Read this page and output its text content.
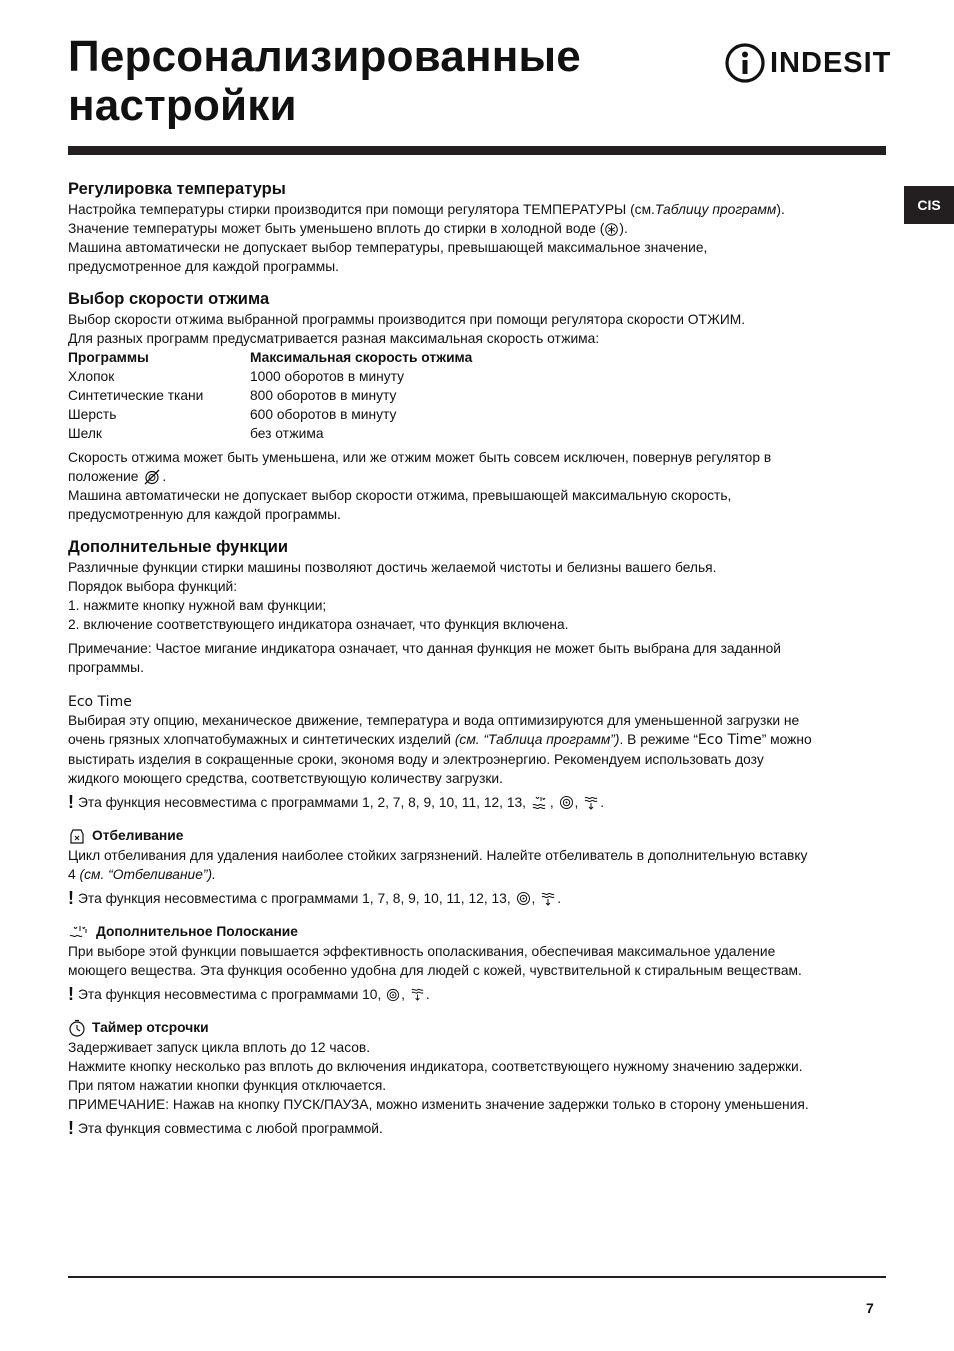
Персонализированные
настройки
INDESIT
CIS
Регулировка температуры

Настройка температуры стирки производится при помощи регулятора ТЕМПЕРАТУРЫ (см.Таблицу программ).

Значение температуры может быть уменьшено вплоть до стирки в холодной воде ( ).

Машина автоматически не допускает выбор температуры, превышающей максимальное значение,

предусмотренное для каждой программы.

Выбор скорости отжима

Выбор скорости отжима выбранной программы производится при помощи регулятора скорости ОТЖИМ.

Для разных программ предусматривается разная максимальная скорость отжима:

Программы	Максимальная скорость отжима
Хлопок	1000 оборотов в минуту
Синтетические ткани	800 оборотов в минуту
Шерсть	600 оборотов в минуту
Шелк	без отжима

Скорость отжима может быть уменьшена, или же отжим может быть совсем исключен, повернув регулятор в

положение .

Машина автоматически не допускает выбор скорости отжима, превышающей максимальную скорость,

предусмотренную для каждой программы.

Дополнительные функции

Различные функции стирки машины позволяют достичь желаемой чистоты и белизны вашего белья.

Порядок выбора функций:

1. нажмите кнопку нужной вам функции;

2. включение соответствующего индикатора означает, что функция включена.

Примечание: Частое мигание индикатора означает, что данная функция не может быть выбрана для заданной

программы.

Eco Time

Выбирая эту опцию, механическое движение, температура и вода оптимизируются для уменьшенной загрузки не

очень грязных хлопчатобумажных и синтетических изделий (см. “Таблица программ”). В режиме “Eco Time” можно

выстирать изделия в сокращенные сроки, экономя воду и электроэнергию. Рекомендуем использовать дозу

жидкого моющего средства, соответствующую количеству загрузки.

! Эта функция несовместима с программами 1, 2, 7, 8, 9, 10, 11, 12, 13,
,
,
.
Отбеливание

Цикл отбеливания для удаления наиболее стойких загрязнений. Налейте отбеливатель в дополнительную вставку

4 (см. “Отбеливание”).

! Эта функция несовместима с программами 1, 7, 8, 9, 10, 11, 12, 13,
,
.
Дополнительное Полоскание

При выборе этой функции повышается эффективность ополаскивания, обеспечивая максимальное удаление

моющего вещества. Эта функция особенно удобна для людей с кожей, чувствительной к стиральным веществам.

! Эта функция несовместима с программами 10,
,
.
Таймер отсрочки

Задерживает запуск цикла вплоть до 12 часов.

Нажмите кнопку несколько раз вплоть до включения индикатора, соответствующего нужному значению задержки.

При пятом нажатии кнопки функция отключается.

ПРИМЕЧАНИЕ: Нажав на кнопку ПУСК/ПАУЗА, можно изменить значение задержки только в сторону уменьшения.

! Эта функция совместима с любой программой.
7
